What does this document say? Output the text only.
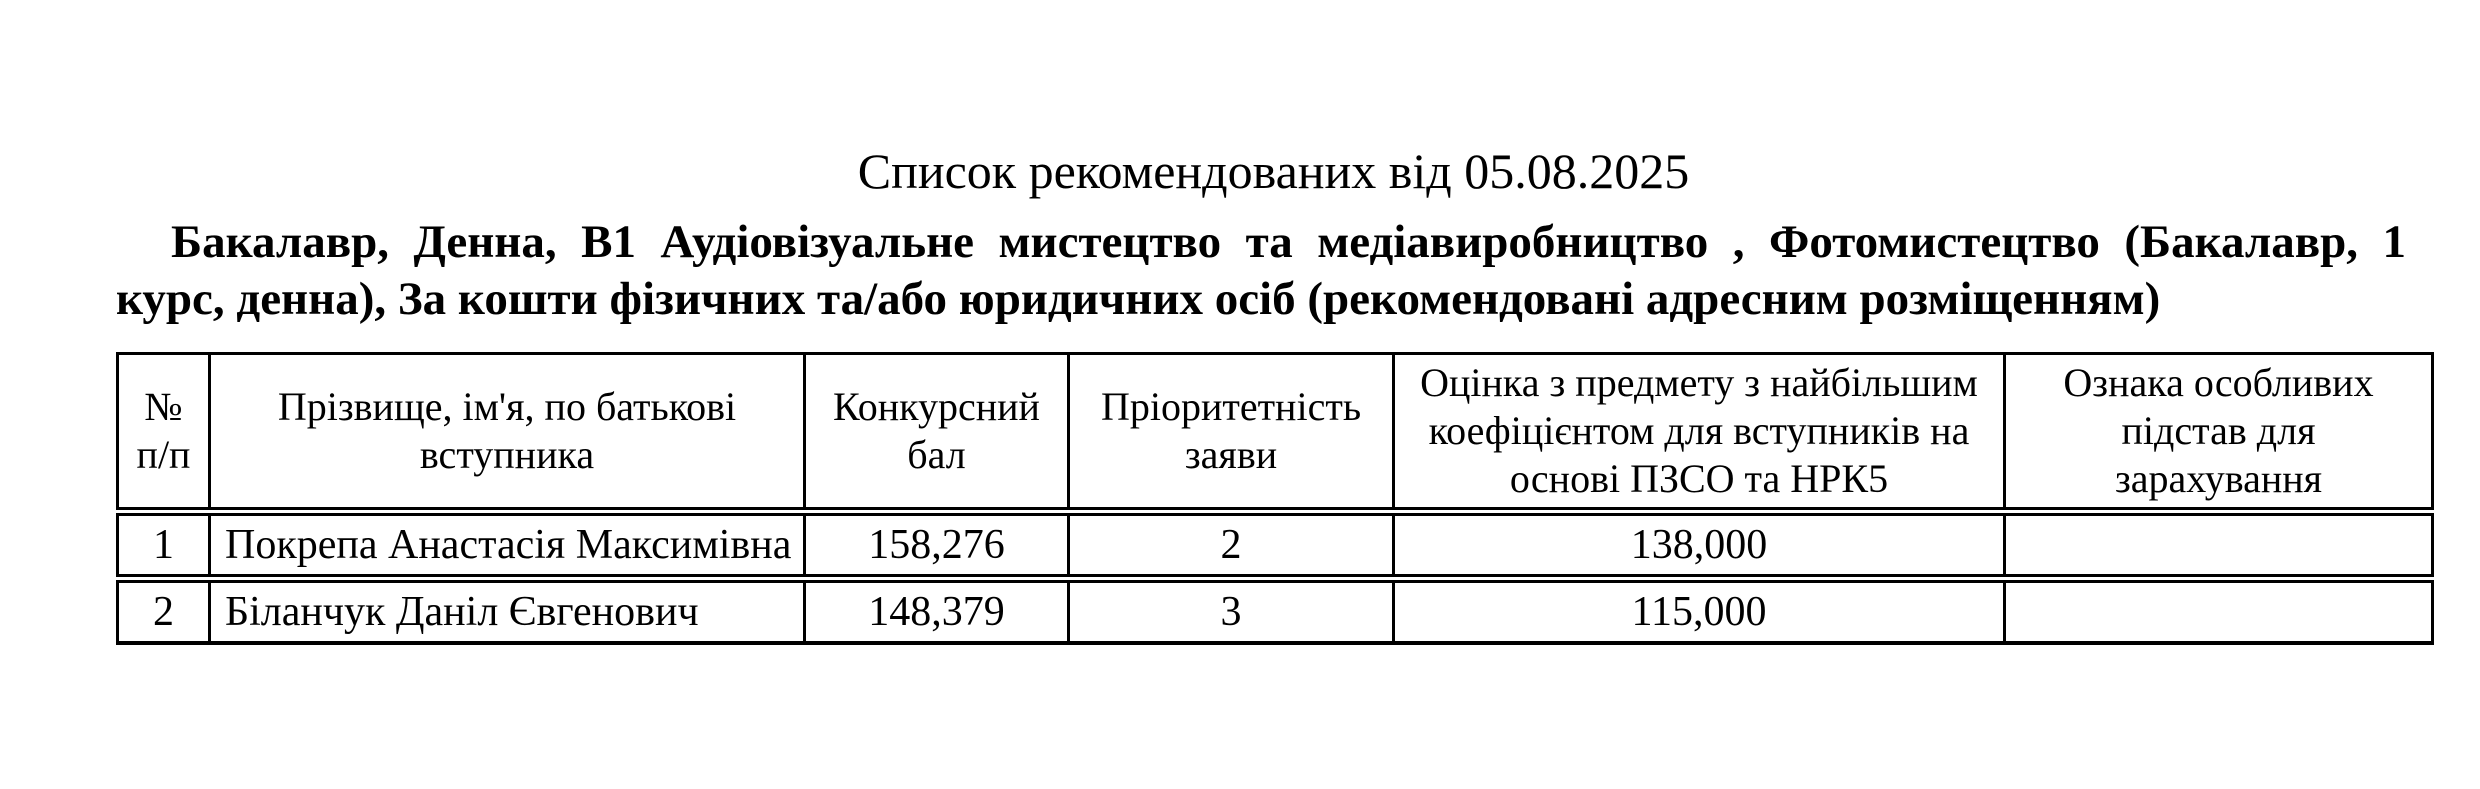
Список рекомендованих від 05.08.2025
Бакалавр, Денна, B1 Аудіовізуальне мистецтво та медіавиробництво , Фотомистецтво (Бакалавр, 1
курс, денна), За кошти фізичних та/або юридичних осіб (рекомендовані адресним розміщенням)
№ п/п	Прізвище, ім'я, по батькові вступника	Конкурсний бал	Пріоритетність заяви	Оцінка з предмету з найбільшим коефіцієнтом для вступників на основі ПЗСО та НРК5	Ознака особливих підстав для зарахування
1	Покрепа Анастасія Максимівна	158,276	2	138,000	
2	Біланчук Даніл Євгенович	148,379	3	115,000	
